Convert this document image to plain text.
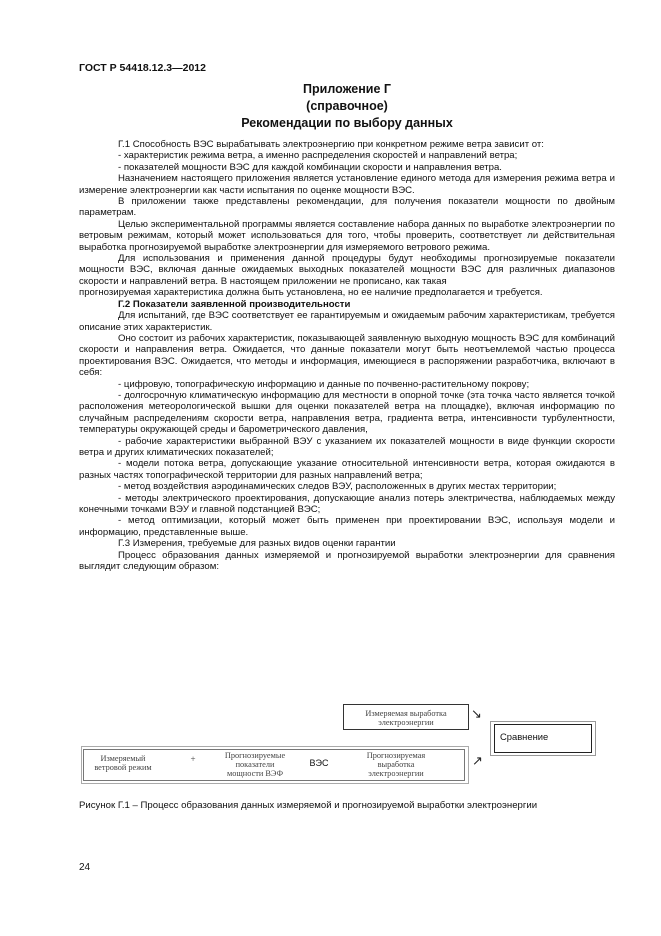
ГОСТ Р 54418.12.3—2012
Приложение Г
(справочное)
Рекомендации по выбору данных

Г.1 Способность ВЭС вырабатывать электроэнергию при конкретном режиме ветра зависит от:

- характеристик режима ветра, а именно распределения скоростей и направлений ветра;

- показателей мощности ВЭС для каждой комбинации скорости и направления ветра.

Назначением настоящего приложения является установление единого метода для измерения режима ветра и измерение электроэнергии как части испытания по оценке мощности ВЭС.

В приложении также представлены рекомендации, для получения показатели мощности по двойным параметрам.

Целью экспериментальной программы является составление набора данных по выработке электроэнергии по ветровым режимам, который может использоваться для того, чтобы проверить, соответствует ли действительная выработка прогнозируемой выработке электроэнергии для измеряемого ветрового режима.

Для использования и применения данной процедуры будут необходимы прогнозируемые показатели мощности ВЭС, включая данные ожидаемых выходных показателей мощности ВЭС для различных диапазонов скорости и направлений ветра. В настоящем приложении не прописано, как такая

прогнозируемая характеристика должна быть установлена, но ее наличие предполагается и требуется.

Г.2 Показатели заявленной производительности

Для испытаний, где ВЭС соответствует ее гарантируемым и ожидаемым рабочим характеристикам, требуется описание этих характеристик.

Оно состоит из рабочих характеристик, показывающей заявленную выходную мощность ВЭС для комбинаций скорости и направления ветра. Ожидается, что данные показатели могут быть неотъемлемой частью процесса проектирования ВЭС. Ожидается, что методы и информация, имеющиеся в распоряжении разработчика, включают в себя:

- цифровую, топографическую информацию и данные по почвенно-растительному покрову;

- долгосрочную климатическую информацию для местности в опорной точке (эта точка часто является точкой расположения метеорологической вышки для оценки показателей ветра на площадке), включая информацию по случайным распределениям скорости ветра, направления ветра, градиента ветра, интенсивности турбулентности, температуры окружающей среды и барометрического давления,

- рабочие характеристики выбранной ВЭУ с указанием их показателей мощности в виде функции скорости ветра и других климатических показателей;

- модели потока ветра, допускающие указание относительной интенсивности ветра, которая ожидаются в разных частях топографической территории для разных направлений ветра;

- метод воздействия аэродинамических следов ВЭУ, расположенных в других местах территории;

- методы электрического проектирования, допускающие анализ потерь электричества, наблюдаемых между конечными точками ВЭУ и главной подстанцией ВЭС;

- метод оптимизации, который может быть применен при проектировании ВЭС, используя модели и информацию, представленные выше.

Г.3 Измерения, требуемые для разных видов оценки гарантии

Процесс образования данных измеряемой и прогнозируемой выработки электроэнергии для сравнения выглядит следующим образом:

Измеряемая выработка электроэнергии
↘
Сравнение
↗
Измеряемый ветровой режим
+	Прогнозируемые показатели мощности ВЭФ
ВЭС
Прогнозируемая выработка электроэнергии
Рисунок Г.1 – Процесс образования данных измеряемой и прогнозируемой выработки электроэнергии
24
